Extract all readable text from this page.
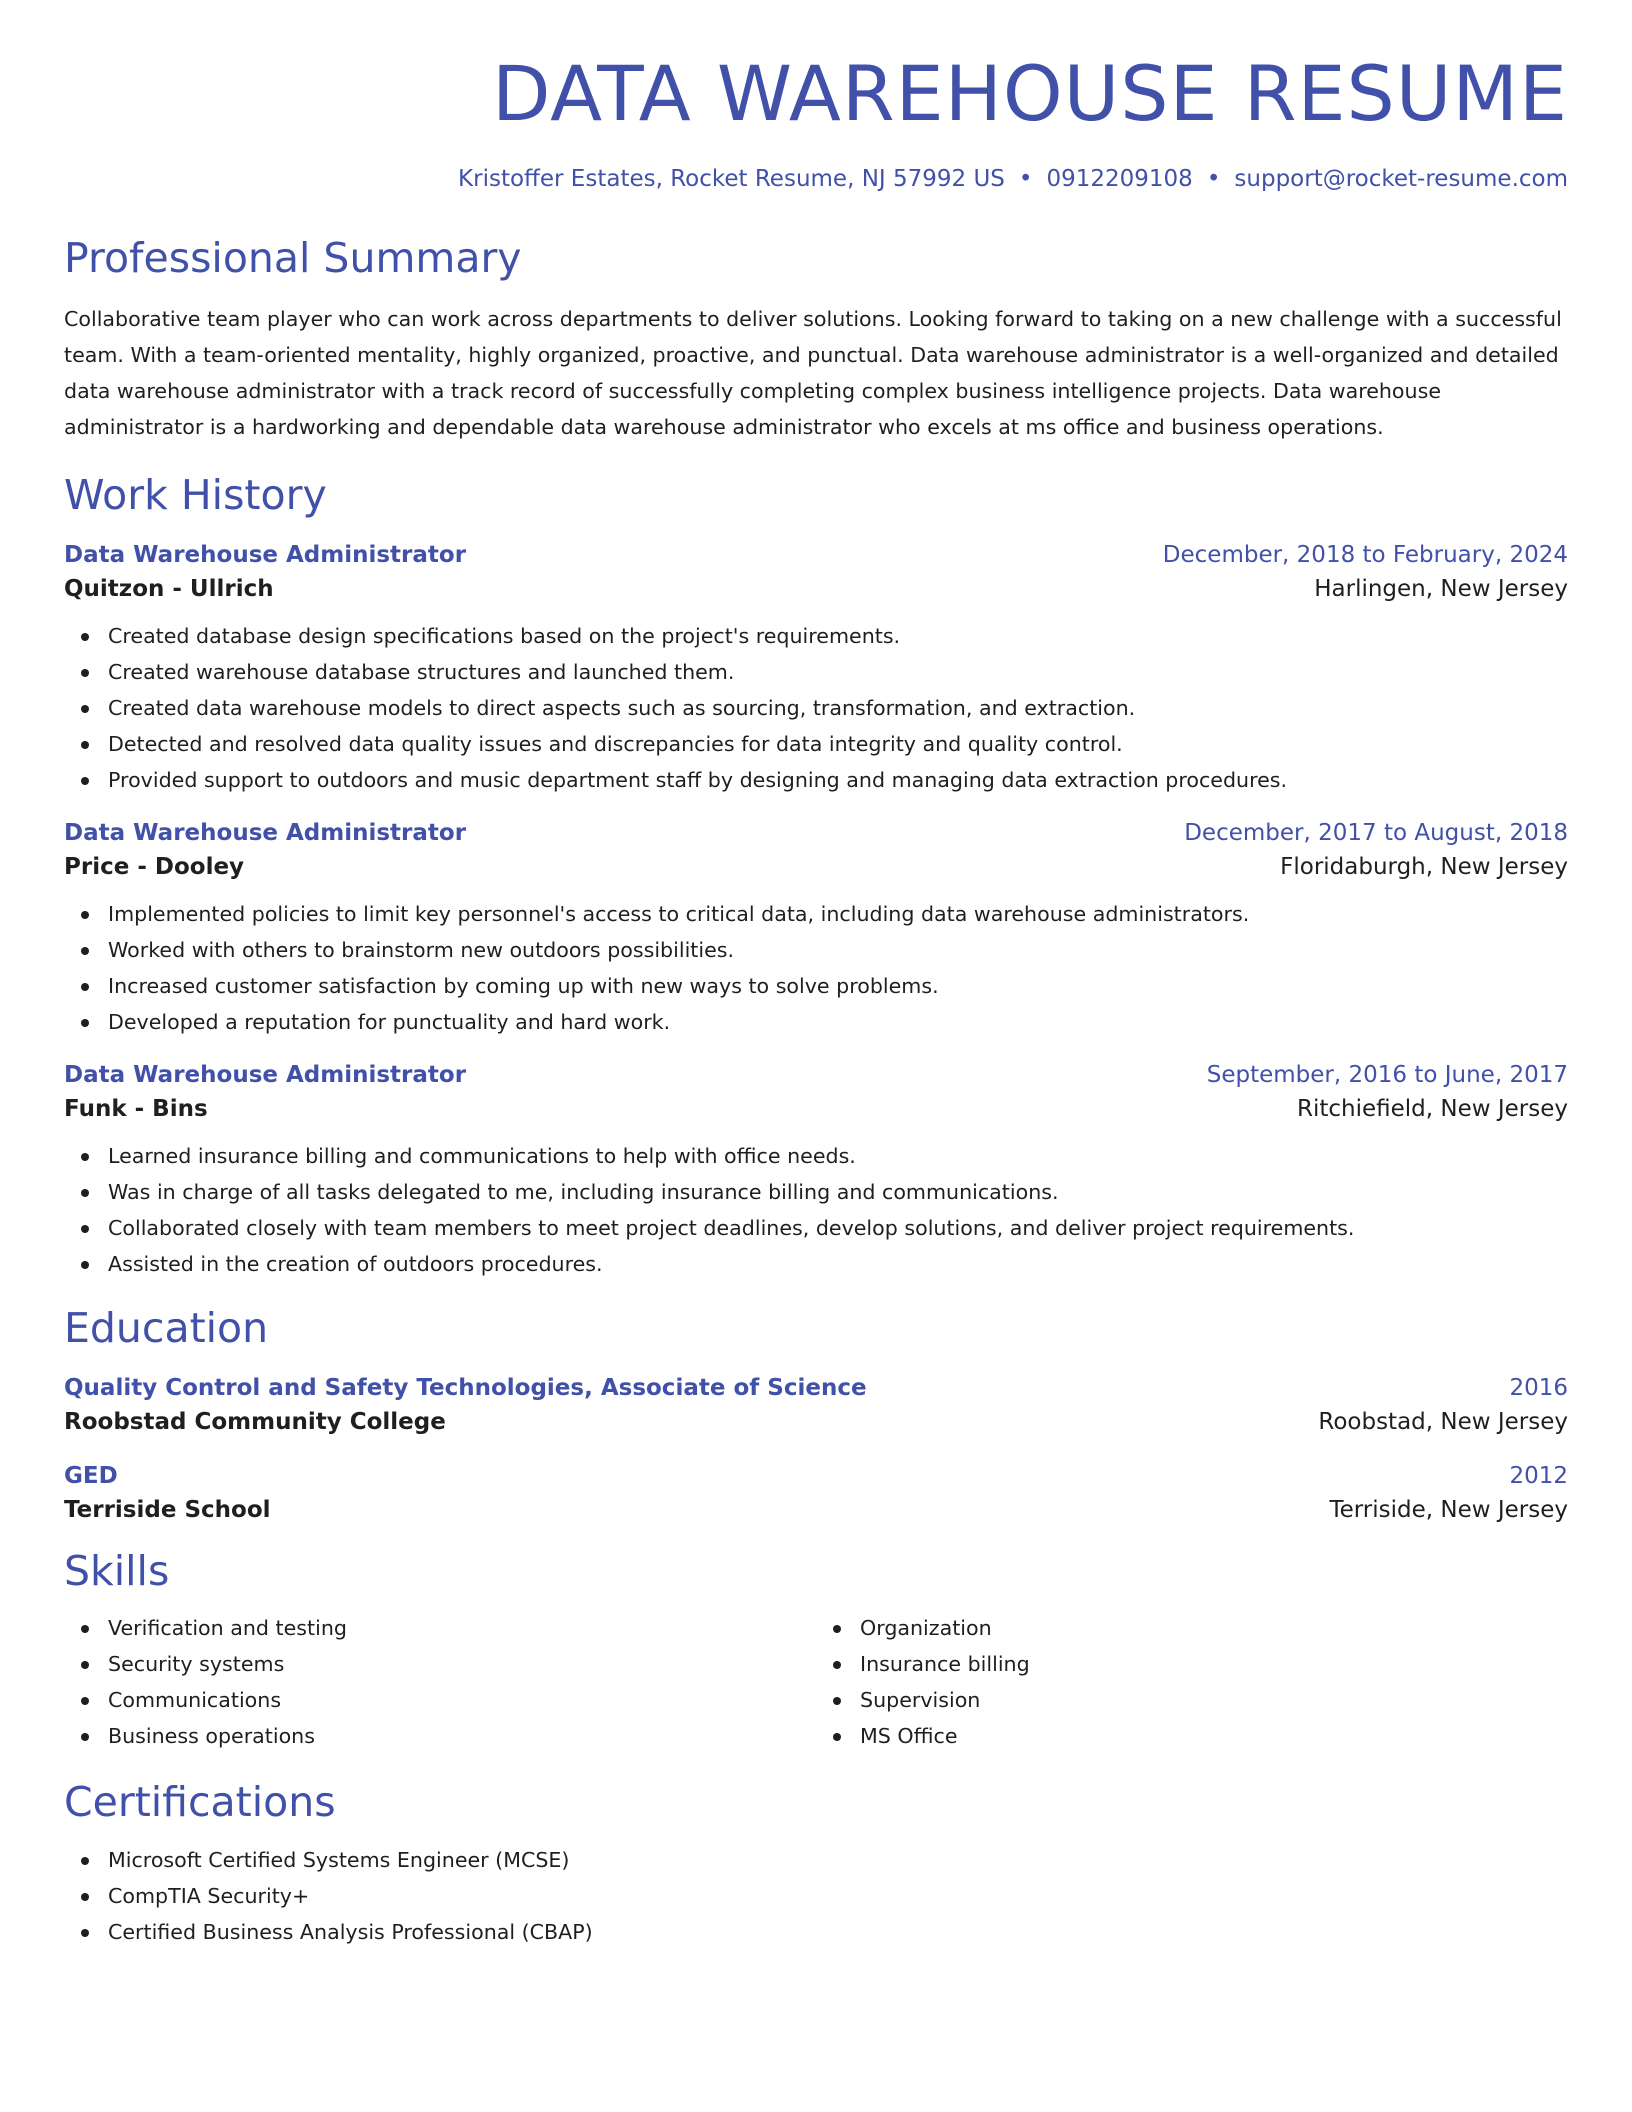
DATA WAREHOUSE RESUME
Kristoffer Estates, Rocket Resume, NJ 57992 US • 0912209108 • support@rocket-resume.com
Professional Summary

Collaborative team player who can work across departments to deliver solutions. Looking forward to taking on a new challenge with a successful team. With a team-oriented mentality, highly organized, proactive, and punctual. Data warehouse administrator is a well-organized and detailed data warehouse administrator with a track record of successfully completing complex business intelligence projects. Data warehouse administrator is a hardworking and dependable data warehouse administrator who excels at ms office and business operations.

Work History
Data Warehouse Administrator	December, 2018 to February, 2024
Quitzon - Ullrich	Harlingen, New Jersey
Created database design specifications based on the project's requirements.
Created warehouse database structures and launched them.
Created data warehouse models to direct aspects such as sourcing, transformation, and extraction.
Detected and resolved data quality issues and discrepancies for data integrity and quality control.
Provided support to outdoors and music department staff by designing and managing data extraction procedures.
Data Warehouse Administrator	December, 2017 to August, 2018
Price - Dooley	Floridaburgh, New Jersey
Implemented policies to limit key personnel's access to critical data, including data warehouse administrators.
Worked with others to brainstorm new outdoors possibilities.
Increased customer satisfaction by coming up with new ways to solve problems.
Developed a reputation for punctuality and hard work.
Data Warehouse Administrator	September, 2016 to June, 2017
Funk - Bins	Ritchiefield, New Jersey
Learned insurance billing and communications to help with office needs.
Was in charge of all tasks delegated to me, including insurance billing and communications.
Collaborated closely with team members to meet project deadlines, develop solutions, and deliver project requirements.
Assisted in the creation of outdoors procedures.
Education
Quality Control and Safety Technologies, Associate of Science	2016
Roobstad Community College	Roobstad, New Jersey
GED	2012
Terriside School	Terriside, New Jersey
Skills
Verification and testing
Security systems
Communications
Business operations
Organization
Insurance billing
Supervision
MS Office
Certifications
Microsoft Certified Systems Engineer (MCSE)
CompTIA Security+
Certified Business Analysis Professional (CBAP)
